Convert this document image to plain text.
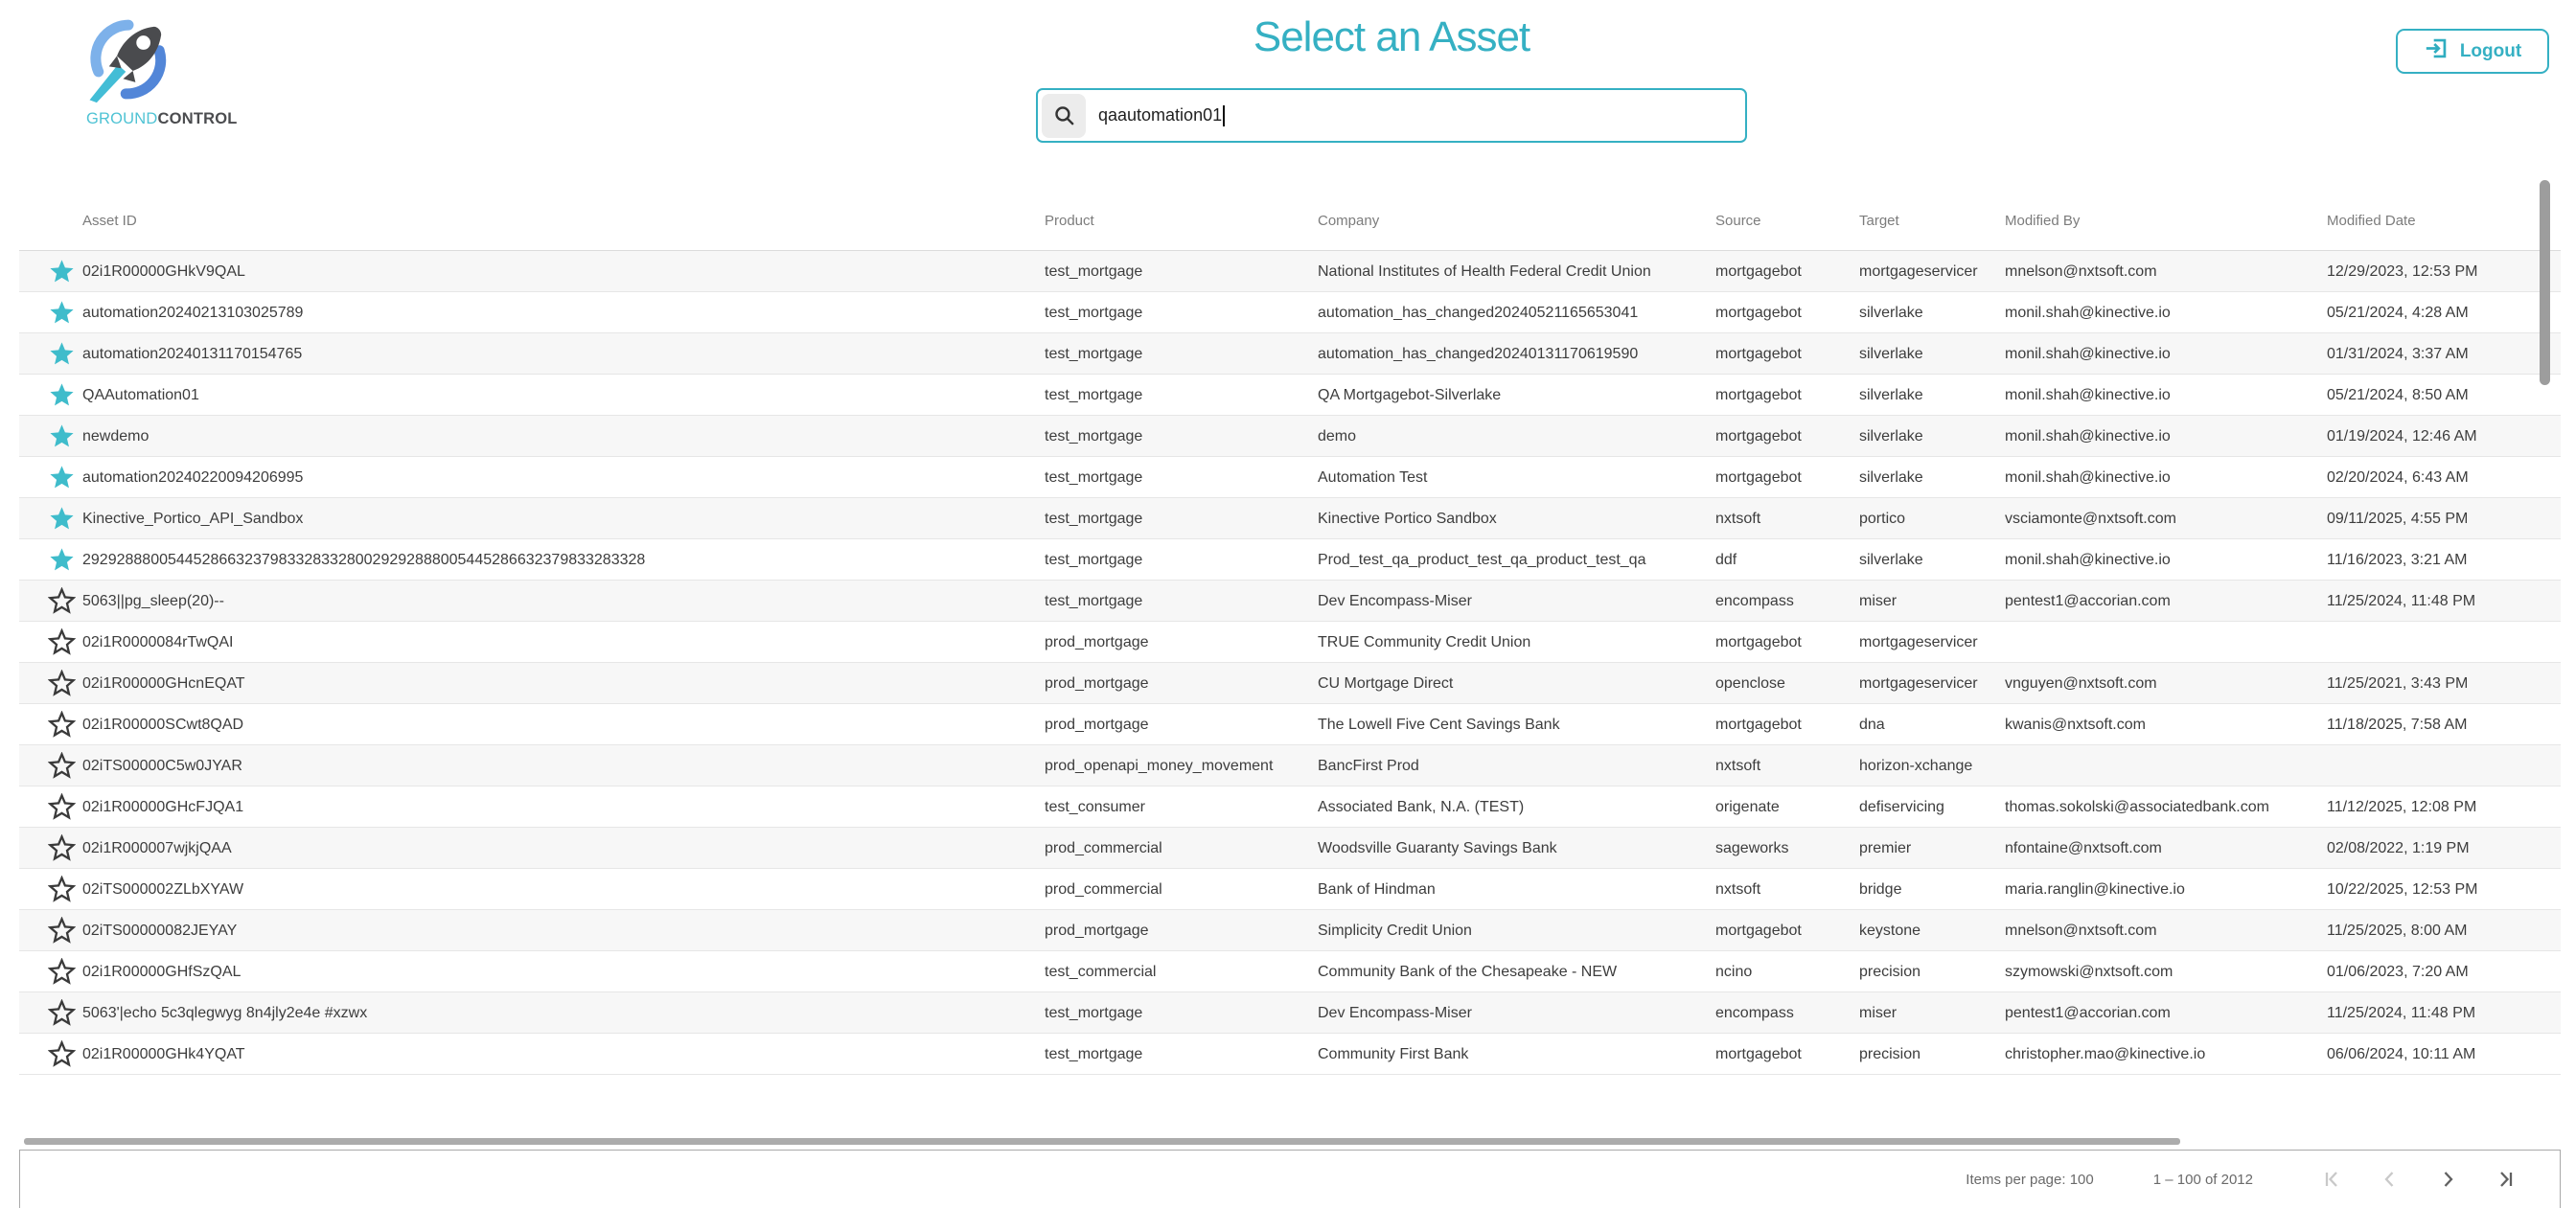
GROUNDCONTROL
Select an Asset	Logout
qaautomation01
Asset ID	Product	Company	Source	Target	Modified By	Modified Date
02i1R00000GHkV9QAL	test_mortgage	National Institutes of Health Federal Credit Union	mortgagebot	mortgageservicer	mnelson@nxtsoft.com	12/29/2023, 12:53 PM
automation20240213103025789	test_mortgage	automation_has_changed20240521165653041	mortgagebot	silverlake	monil.shah@kinective.io	05/21/2024, 4:28 AM
automation20240131170154765	test_mortgage	automation_has_changed20240131170619590	mortgagebot	silverlake	monil.shah@kinective.io	01/31/2024, 3:37 AM
QAAutomation01	test_mortgage	QA Mortgagebot-Silverlake	mortgagebot	silverlake	monil.shah@kinective.io	05/21/2024, 8:50 AM
newdemo	test_mortgage	demo	mortgagebot	silverlake	monil.shah@kinective.io	01/19/2024, 12:46 AM
automation20240220094206995	test_mortgage	Automation Test	mortgagebot	silverlake	monil.shah@kinective.io	02/20/2024, 6:43 AM
Kinective_Portico_API_Sandbox	test_mortgage	Kinective Portico Sandbox	nxtsoft	portico	vsciamonte@nxtsoft.com	09/11/2025, 4:55 PM
292928880054452866323798332833280029292888005445286632379833283328	test_mortgage	Prod_test_qa_product_test_qa_product_test_qa	ddf	silverlake	monil.shah@kinective.io	11/16/2023, 3:21 AM
5063||pg_sleep(20)--	test_mortgage	Dev Encompass-Miser	encompass	miser	pentest1@accorian.com	11/25/2024, 11:48 PM
02i1R0000084rTwQAI	prod_mortgage	TRUE Community Credit Union	mortgagebot	mortgageservicer
02i1R00000GHcnEQAT	prod_mortgage	CU Mortgage Direct	openclose	mortgageservicer	vnguyen@nxtsoft.com	11/25/2021, 3:43 PM
02i1R00000SCwt8QAD	prod_mortgage	The Lowell Five Cent Savings Bank	mortgagebot	dna	kwanis@nxtsoft.com	11/18/2025, 7:58 AM
02iTS00000C5w0JYAR	prod_openapi_money_movement	BancFirst Prod	nxtsoft	horizon-xchange
02i1R00000GHcFJQA1	test_consumer	Associated Bank, N.A. (TEST)	origenate	defiservicing	thomas.sokolski@associatedbank.com	11/12/2025, 12:08 PM
02i1R000007wjkjQAA	prod_commercial	Woodsville Guaranty Savings Bank	sageworks	premier	nfontaine@nxtsoft.com	02/08/2022, 1:19 PM
02iTS000002ZLbXYAW	prod_commercial	Bank of Hindman	nxtsoft	bridge	maria.ranglin@kinective.io	10/22/2025, 12:53 PM
02iTS00000082JEYAY	prod_mortgage	Simplicity Credit Union	mortgagebot	keystone	mnelson@nxtsoft.com	11/25/2025, 8:00 AM
02i1R00000GHfSzQAL	test_commercial	Community Bank of the Chesapeake - NEW	ncino	precision	szymowski@nxtsoft.com	01/06/2023, 7:20 AM
5063'|echo 5c3qlegwyg 8n4jly2e4e #xzwx	test_mortgage	Dev Encompass-Miser	encompass	miser	pentest1@accorian.com	11/25/2024, 11:48 PM
02i1R00000GHk4YQAT	test_mortgage	Community First Bank	mortgagebot	precision	christopher.mao@kinective.io	06/06/2024, 10:11 AM
Items per page: 100	1 – 100 of 2012
